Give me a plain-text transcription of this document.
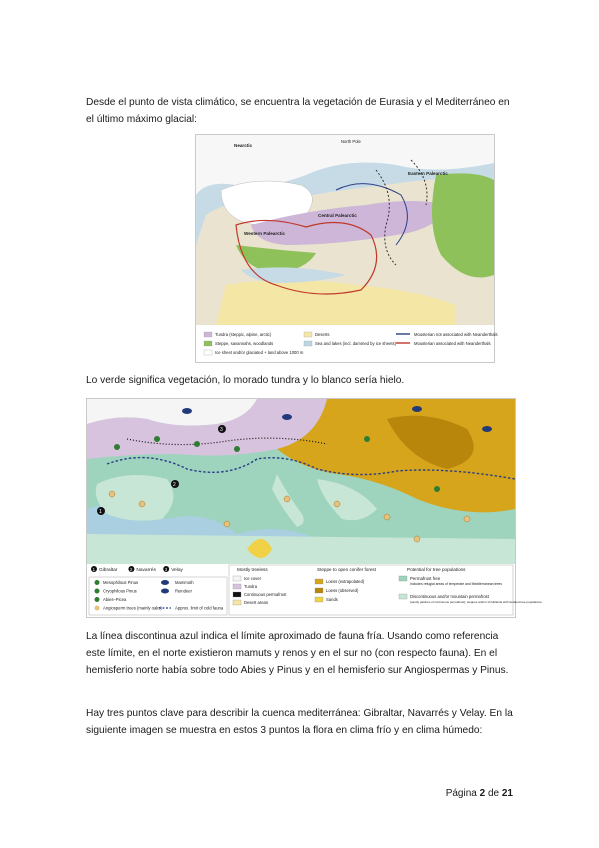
Desde el punto de vista climático, se encuentra la vegetación de Eurasia y el Mediterráneo en el último máximo glacial:

Nearctic
North Pole
Eastern Palearctic
Central Palearctic
Western Palearctic
Tundra (steppic, alpine, arctic)
Steppe, savannahs, woodlands
Ice sheet and/or glaciated + land above 1000 m
Deserts
Sea and lakes (incl. dammed by ice sheets)
Mousterian not associated with Neanderthals
Mousterian associated with Neanderthals

Lo verde significa vegetación, lo morado tundra y lo blanco sería hielo.

1
2
3
1 Gibraltar	2 Navarrés 3 Velay
Mesophilous Pinus	Mammoth
Cryophilous Pinus	Reindeer
Abies–Picea
Angiosperm trees (mainly oaks)	Approx. limit of cold fauna
Mostly treeless	Steppe to open conifer forest	Potential for tree populations
Ice cover
Tundra
Continuous permafrost
Desert areas
Loess (extrapolated)
Loess (observed)
Sands
Permafrost free
Includes refugial areas of temperate and Mediterranean trees
Discontinuous and/or mountain permafrost
(sandy patches of continuous permafrost); steppes and/or shrublands with isolated tree populations

La línea discontinua azul indica el límite aproximado de fauna fría. Usando como referencia este límite, en el norte existieron mamuts y renos y en el sur no (con respecto fauna). En el hemisferio norte había sobre todo Abies y Pinus y en el hemisferio sur Angiospermas y Pinus.

Hay tres puntos clave para describir la cuenca mediterránea: Gibraltar, Navarrés y Velay. En la siguiente imagen se muestra en estos 3 puntos la flora en clima frío y en clima húmedo:

Página 2 de 21
